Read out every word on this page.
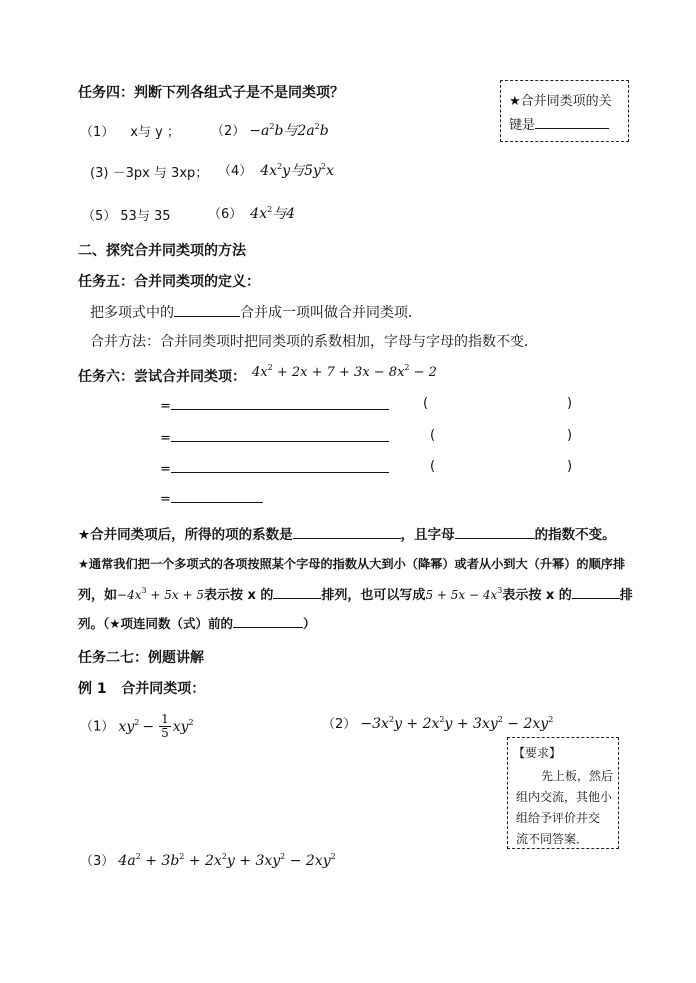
任务四：判断下列各组式子是不是同类项？
★合并同类项的关
键是
（1） x与 y ； $(2) -a^2b$与$2a^2b$
(3) －3px 与 3xp； （4） $4x^2y$与$5y^2x$
（5） 53与 35	（6） $4x^2$与4
二、探究合并同类项的方法
任务五：合并同类项的定义：
把多项式中的	合并成一项叫做合并同类项．
合并方法：合并同类项时把同类项的系数相加，字母与字母的指数不变．
任务六：尝试合并同类项： $4x^2 + 2x + 7 + 3x - 8x^2 - 2$
=	(	)
=	(	)
=	(	)
=
★合并同类项后，所得的项的系数是	，且字母	的指数不变。
★通常我们把一个多项式的各项按照某个字母的指数从大到小（降幂）或者从小到大（升幂）的顺序排
列，如$-4x^3 + 5x + 5$表示按 x 的	排列，也可以写成$5 + 5x - 4x^3$表示按 x 的	排
列。（★项连同数（式）前的	）
任务二七：例题讲解
例 1   合并同类项：
（1） $xy^2 - \frac{1}{5} xy^2$	$(2) -3x^2y + 2x^2y + 3xy^2 - 2xy^2$
【要求】
先上板，然后
组内交流，其他小
组给予评价并交
流不同答案．
（3） $4a^2 + 3b^2 + 2x^2y + 3xy^2 - 2xy^2$
